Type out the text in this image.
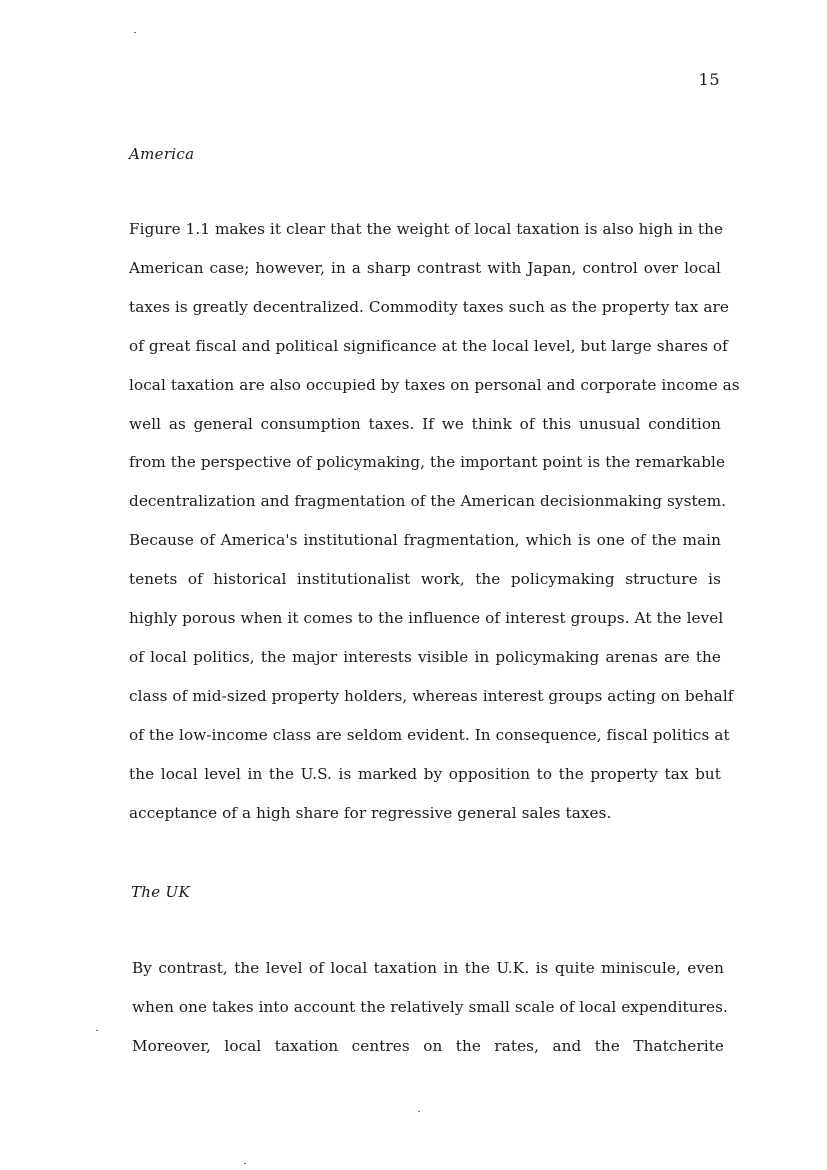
15
America

Figure 1.1 makes it clear that the weight of local taxation is also high in the
American case; however, in a sharp contrast with Japan, control over local
taxes is greatly decentralized. Commodity taxes such as the property tax are
of great fiscal and political significance at the local level, but large shares of
local taxation are also occupied by taxes on personal and corporate income as
well as general consumption taxes. If we think of this unusual condition
from the perspective of policymaking, the important point is the remarkable
decentralization and fragmentation of the American decisionmaking system.
Because of America's institutional fragmentation, which is one of the main
tenets of historical institutionalist work, the policymaking structure is
highly porous when it comes to the influence of interest groups. At the level
of local politics, the major interests visible in policymaking arenas are the
class of mid-sized property holders, whereas interest groups acting on behalf
of the low-income class are seldom evident. In consequence, fiscal politics at
the local level in the U.S. is marked by opposition to the property tax but
acceptance of a high share for regressive general sales taxes.

The UK

By contrast, the level of local taxation in the U.K. is quite miniscule, even
when one takes into account the relatively small scale of local expenditures.
Moreover, local taxation centres on the rates, and the Thatcherite
